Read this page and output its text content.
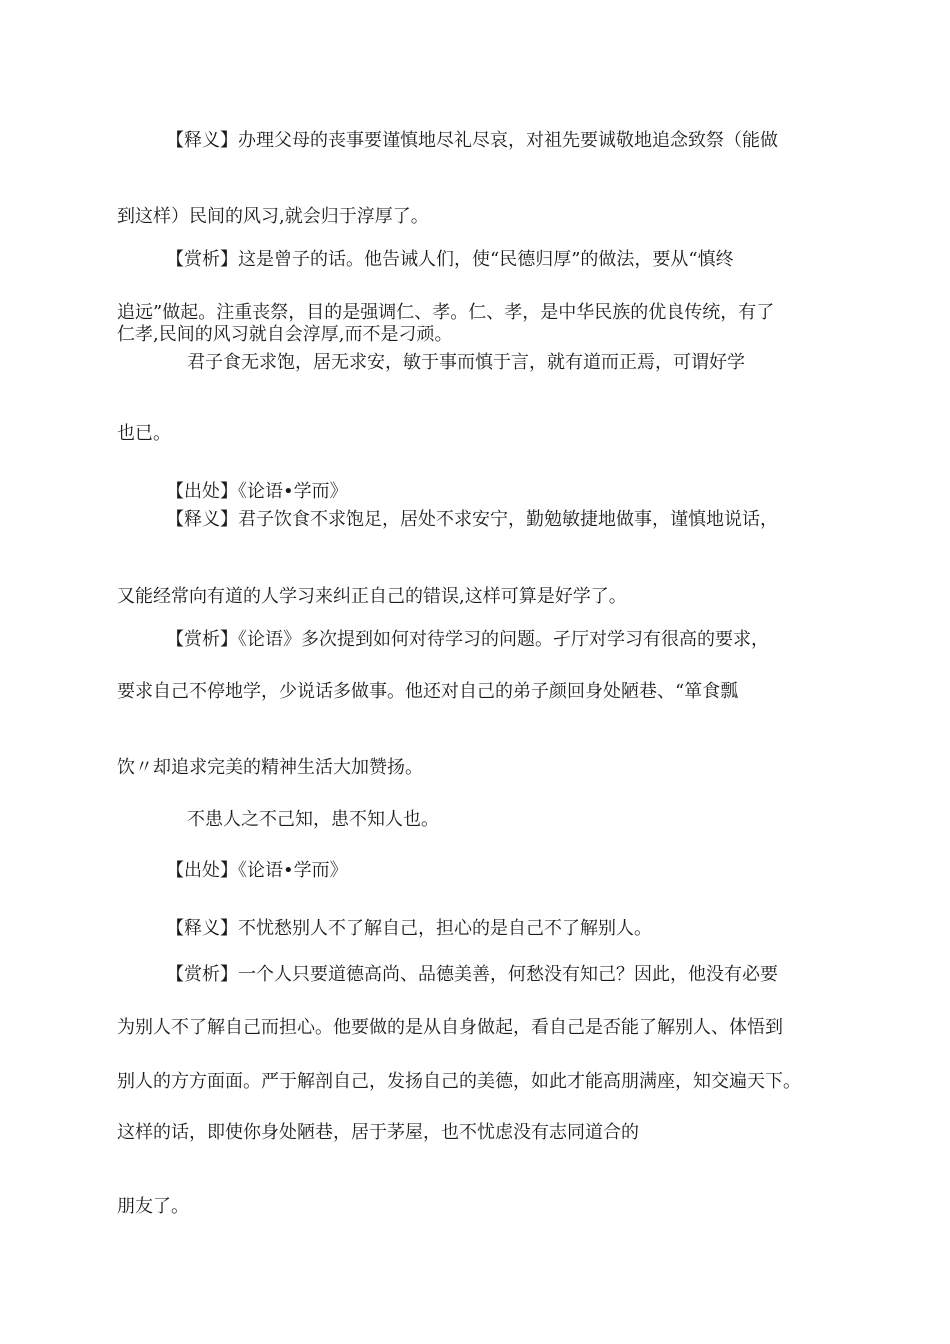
【释义】办理父母的丧事要谨慎地尽礼尽哀，对祖先要诚敬地追念致祭（能做
到这样）民间的风习,就会归于淳厚了。
【赏析】这是曾子的话。他告诫人们，使“民德归厚”的做法，要从“慎终
追远”做起。注重丧祭，目的是强调仁、孝。仁、孝，是中华民族的优良传统，有了
仁孝,民间的风习就自会淳厚,而不是刁顽。
君子食无求饱，居无求安，敏于事而慎于言，就有道而正焉，可谓好学
也已。
【出处】《论语•学而》
【释义】君子饮食不求饱足，居处不求安宁，勤勉敏捷地做事，谨慎地说话，
又能经常向有道的人学习来纠正自己的错误,这样可算是好学了。
【赏析】《论语》多次提到如何对待学习的问题。孑厅对学习有很高的要求，
要求自己不停地学，少说话多做事。他还对自己的弟子颜回身处陋巷、“箪食瓢
饮〃却追求完美的精神生活大加赞扬。
不患人之不己知，患不知人也。
【出处】《论语•学而》
【释义】不忧愁别人不了解自己，担心的是自己不了解别人。
【赏析】一个人只要道德高尚、品德美善，何愁没有知己？因此，他没有必要
为别人不了解自己而担心。他要做的是从自身做起，看自己是否能了解别人、体悟到
别人的方方面面。严于解剖自己，发扬自己的美德，如此才能高朋满座，知交遍天下。
这样的话，即使你身处陋巷，居于茅屋，也不忧虑没有志同道合的
朋友了。
